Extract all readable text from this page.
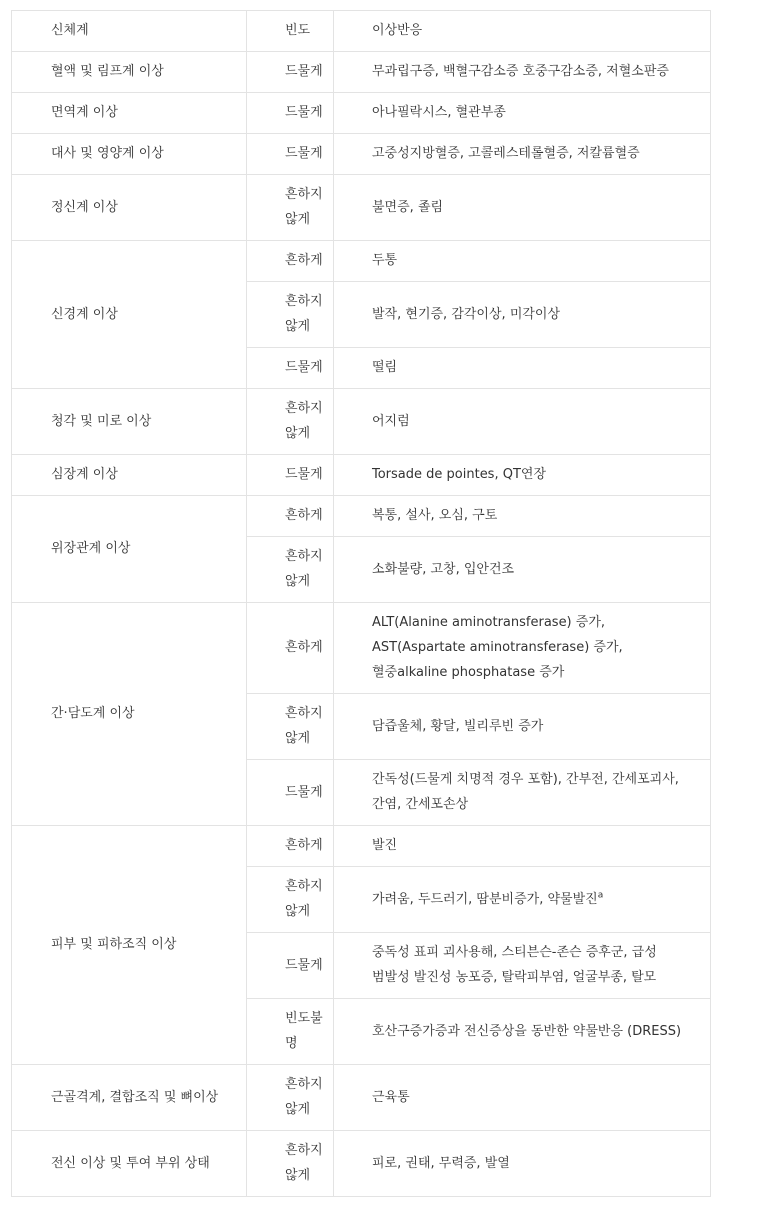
신체계	빈도	이상반응
혈액 및 림프계 이상	드물게	무과립구증, 백혈구감소증 호중구감소증, 저혈소판증
면역계 이상	드물게	아나필락시스, 혈관부종
대사 및 영양계 이상	드물게	고중성지방혈증, 고콜레스테롤혈증, 저칼륨혈증
정신계 이상	흔하지 않게	불면증, 졸림
신경계 이상	흔하게	두통
	흔하지 않게	발작, 현기증, 감각이상, 미각이상
	드물게	떨림
청각 및 미로 이상	흔하지 않게	어지럼
심장계 이상	드물게	Torsade de pointes, QT연장
위장관계 이상	흔하게	복통, 설사, 오심, 구토
	흔하지 않게	소화불량, 고창, 입안건조
간·담도계 이상	흔하게	ALT(Alanine aminotransferase) 증가, AST(Aspartate aminotransferase) 증가, 혈중alkaline phosphatase 증가
	흔하지 않게	담즙울체, 황달, 빌리루빈 증가
	드물게	간독성(드물게 치명적 경우 포함), 간부전, 간세포괴사, 간염, 간세포손상
피부 및 피하조직 이상	흔하게	발진
	흔하지 않게	가려움, 두드러기, 땀분비증가, 약물발진$^a$
	드물게	중독성 표피 괴사용해, 스티븐슨-존슨 증후군, 급성 범발성 발진성 농포증, 탈락피부염, 얼굴부종, 탈모
	빈도불명	호산구증가증과 전신증상을 동반한 약물반응 (DRESS)
근골격계, 결합조직 및 뼈이상	흔하지 않게	근육통
전신 이상 및 투여 부위 상태	흔하지 않게	피로, 권태, 무력증, 발열
